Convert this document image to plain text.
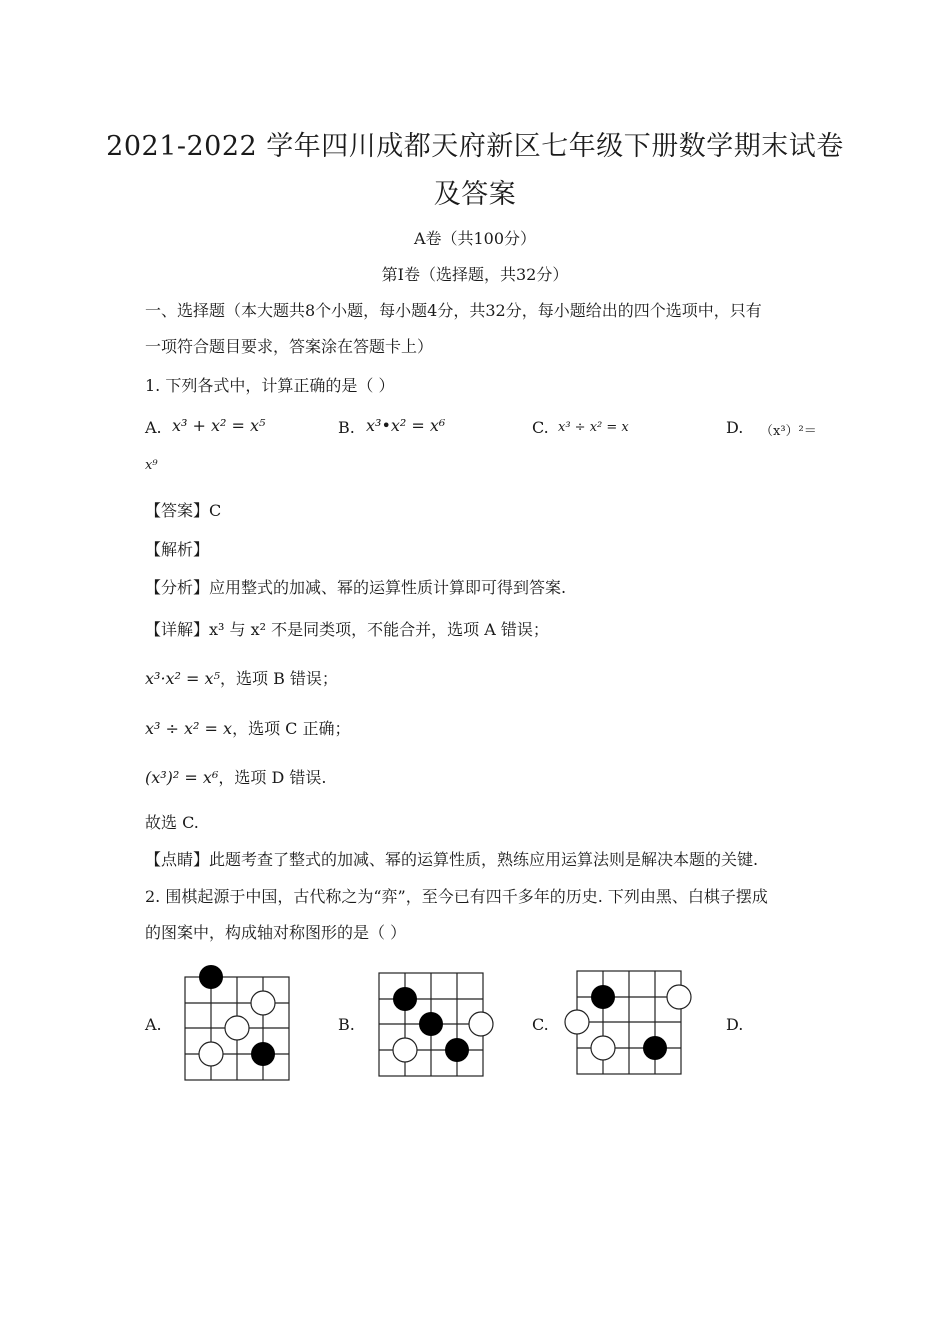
2021-2022 学年四川成都天府新区七年级下册数学期末试卷
及答案
A卷（共100分）
第Ⅰ卷（选择题，共32分）
一、选择题（本大题共8个小题，每小题4分，共32分，每小题给出的四个选项中，只有
一项符合题目要求，答案涂在答题卡上）
1. 下列各式中，计算正确的是（ ）
A. x³ + x² = x⁵	B. x³•x² = x⁶	C. x³ ÷ x² = x	D. （x³）²＝
x⁹
【答案】C
【解析】
【分析】应用整式的加减、幂的运算性质计算即可得到答案.
【详解】x³ 与 x² 不是同类项，不能合并，选项 A 错误；
x³·x² = x⁵，选项 B 错误；
x³ ÷ x² = x，选项 C 正确；
(x³)² = x⁶，选项 D 错误.
故选 C.
【点睛】此题考查了整式的加减、幂的运算性质，熟练应用运算法则是解决本题的关键.
2. 围棋起源于中国，古代称之为“弈”，至今已有四千多年的历史. 下列由黑、白棋子摆成
的图案中，构成轴对称图形的是（ ）
A.	B.	C.	D.
